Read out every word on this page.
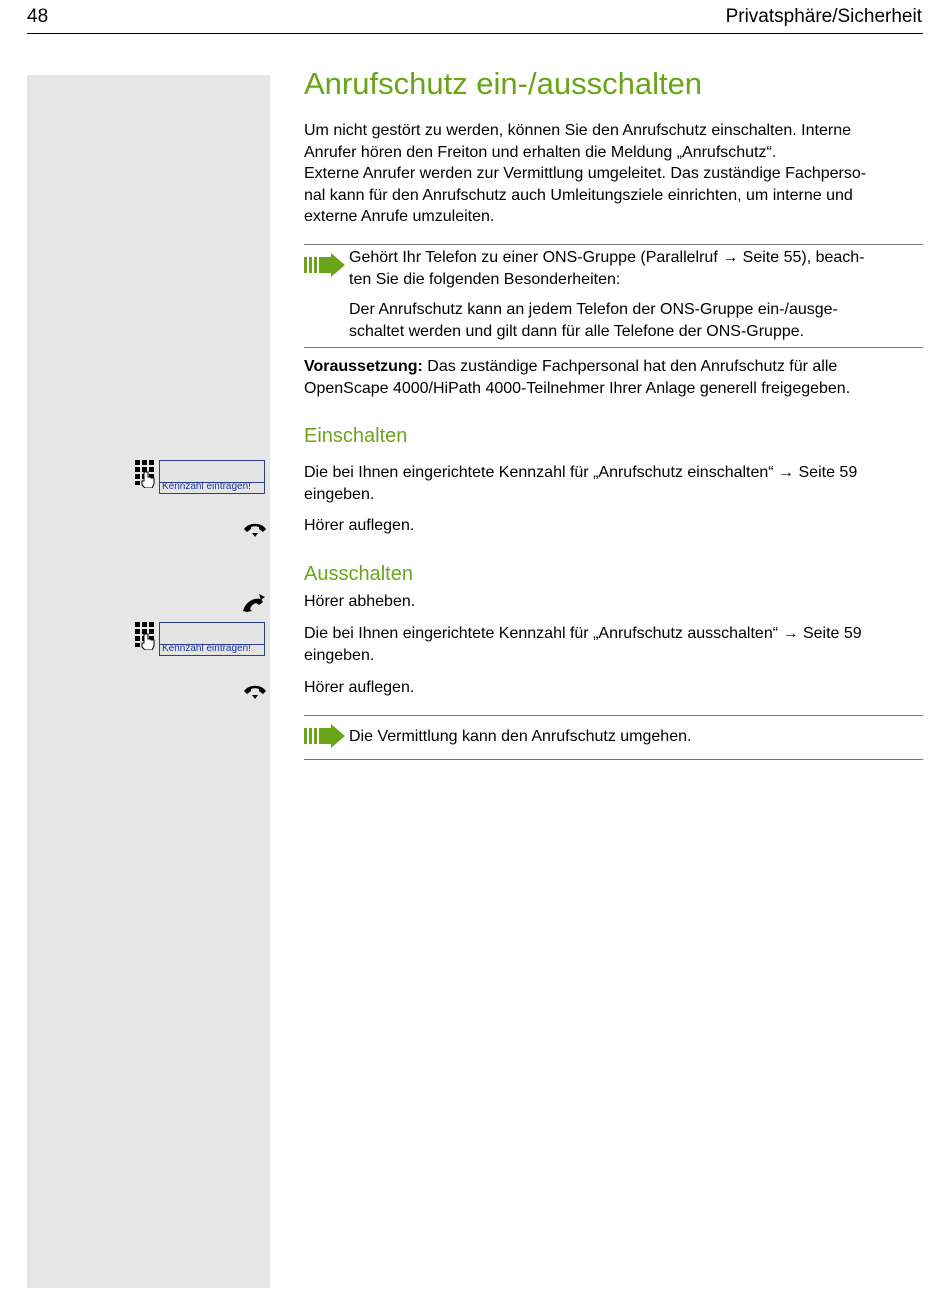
48	Privatsphäre/Sicherheit
Anrufschutz ein-/ausschalten
Um nicht gestört zu werden, können Sie den Anrufschutz einschalten. Interne
Anrufer hören den Freiton und erhalten die Meldung „Anrufschutz“.
Externe Anrufer werden zur Vermittlung umgeleitet. Das zuständige Fachperso-
nal kann für den Anrufschutz auch Umleitungsziele einrichten, um interne und
externe Anrufe umzuleiten.
Gehört Ihr Telefon zu einer ONS-Gruppe (Parallelruf → Seite 55), beach-
ten Sie die folgenden Besonderheiten:
Der Anrufschutz kann an jedem Telefon der ONS-Gruppe ein-/ausge-
schaltet werden und gilt dann für alle Telefone der ONS-Gruppe.
Voraussetzung: Das zuständige Fachpersonal hat den Anrufschutz für alle
OpenScape 4000/HiPath 4000-Teilnehmer Ihrer Anlage generell freigegeben.
Einschalten
Kennzahl eintragen!
Die bei Ihnen eingerichtete Kennzahl für „Anrufschutz einschalten“ → Seite 59
eingeben.
Hörer auflegen.
Ausschalten
Hörer abheben.
Kennzahl eintragen!
Die bei Ihnen eingerichtete Kennzahl für „Anrufschutz ausschalten“ → Seite 59
eingeben.
Hörer auflegen.
Die Vermittlung kann den Anrufschutz umgehen.
